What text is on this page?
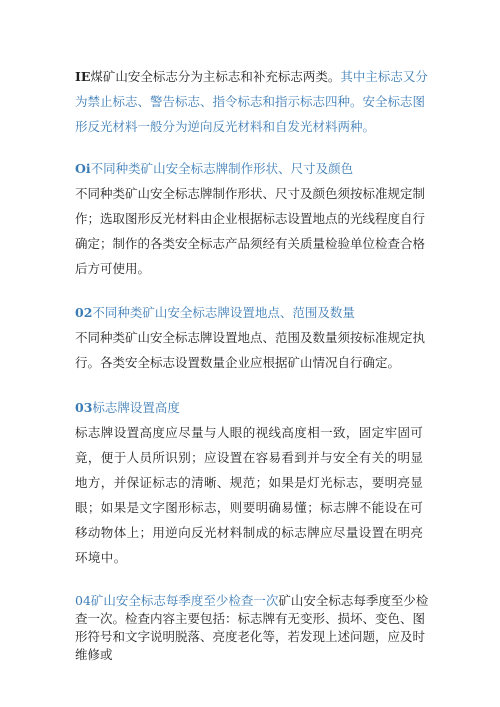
IE煤矿山安全标志分为主标志和补充标志两类。其中主标志又分为禁止标志、警告标志、指令标志和指示标志四种。安全标志图形反光材料一般分为逆向反光材料和自发光材料两种。

Oi不同种类矿山安全标志牌制作形状、尺寸及颜色

不同种类矿山安全标志牌制作形状、尺寸及颜色须按标准规定制作；选取图形反光材料由企业根据标志设置地点的光线程度自行确定；制作的各类安全标志产品须经有关质量检验单位检查合格后方可使用。

02不同种类矿山安全标志牌设置地点、范围及数量

不同种类矿山安全标志牌设置地点、范围及数量须按标准规定执行。各类安全标志设置数量企业应根据矿山情况自行确定。

03标志牌设置高度

标志牌设置高度应尽量与人眼的视线高度相一致，固定牢固可竟，便于人员所识别；应设置在容易看到并与安全有关的明显地方，并保证标志的清晰、规范；如果是灯光标志，要明亮显眼；如果是文字图形标志，则要明确易懂；标志牌不能设在可移动物体上；用逆向反光材料制成的标志牌应尽量设置在明亮环境中。

04矿山安全标志每季度至少检查一次矿山安全标志每季度至少检查一次。检查内容主要包括：标志牌有无变形、损坏、变色、图形符号和文字说明脱落、亮度老化等，若发现上述问题，应及时维修或
